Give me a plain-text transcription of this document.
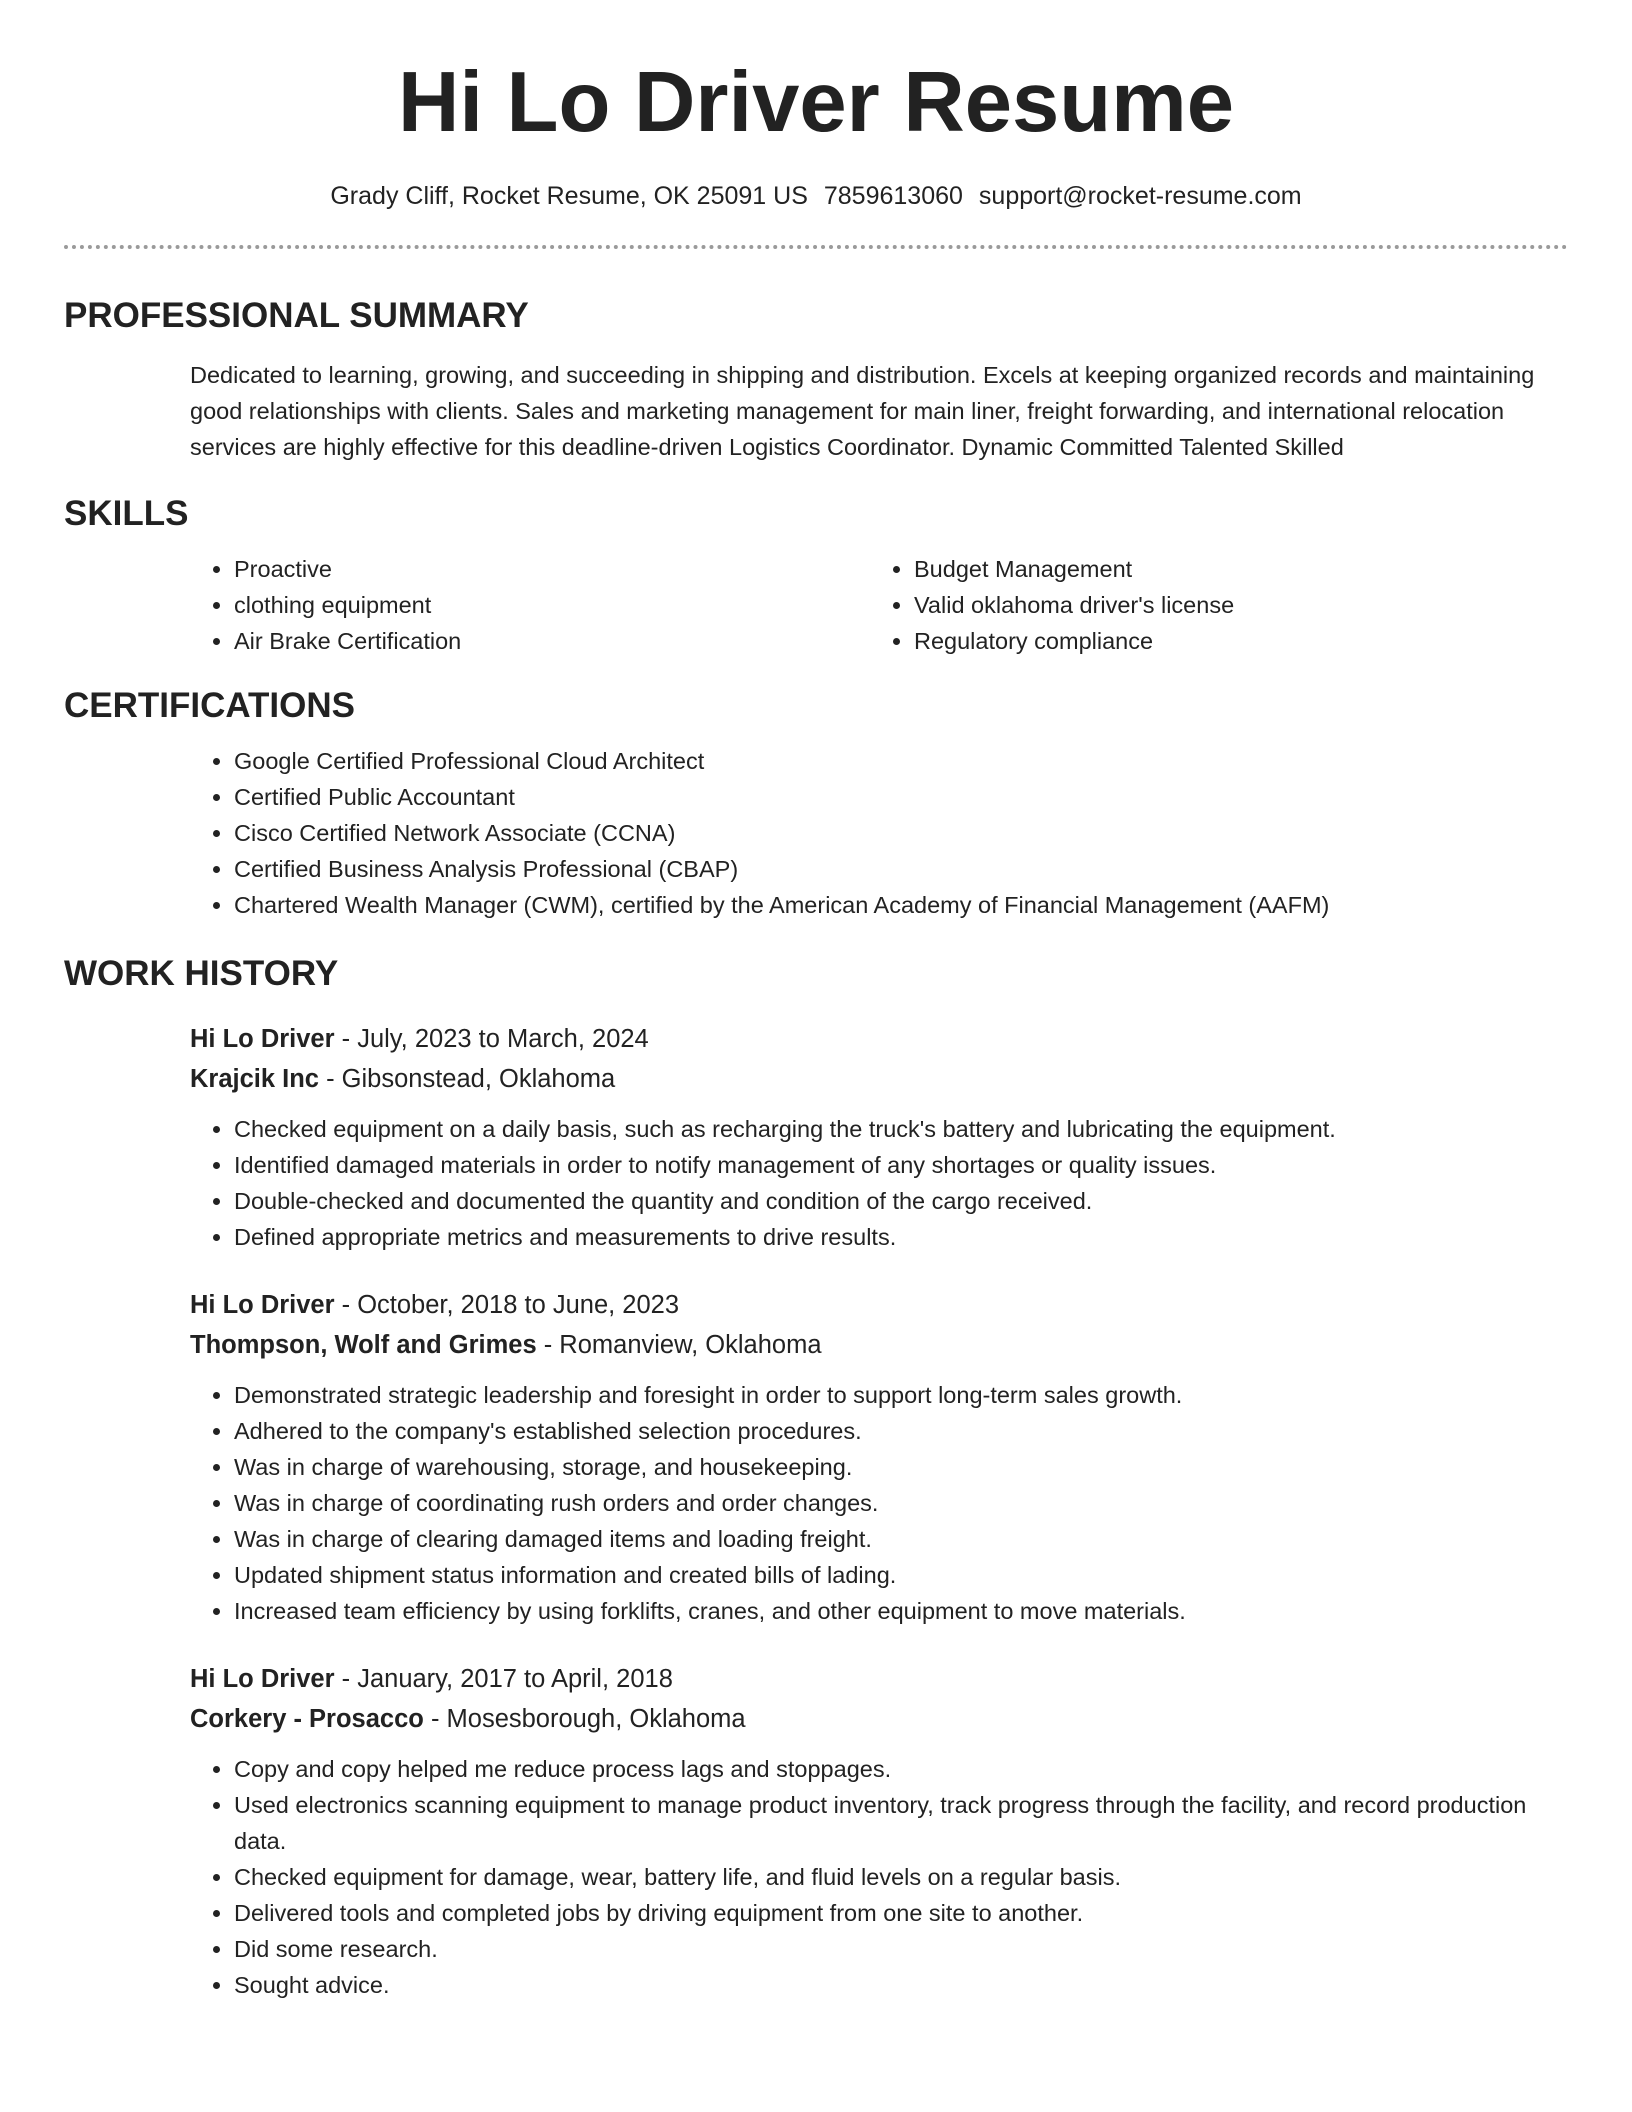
Hi Lo Driver Resume
Grady Cliff, Rocket Resume, OK 25091 US 7859613060 support@rocket-resume.com
PROFESSIONAL SUMMARY

Dedicated to learning, growing, and succeeding in shipping and distribution. Excels at keeping organized records and maintaining good relationships with clients. Sales and marketing management for main liner, freight forwarding, and international relocation services are highly effective for this deadline-driven Logistics Coordinator. Dynamic Committed Talented Skilled

SKILLS
• Proactive
• clothing equipment
• Air Brake Certification
• Budget Management
• Valid oklahoma driver's license
• Regulatory compliance
CERTIFICATIONS
• Google Certified Professional Cloud Architect
• Certified Public Accountant
• Cisco Certified Network Associate (CCNA)
• Certified Business Analysis Professional (CBAP)
• Chartered Wealth Manager (CWM), certified by the American Academy of Financial Management (AAFM)
WORK HISTORY
Hi Lo Driver - July, 2023 to March, 2024
Krajcik Inc - Gibsonstead, Oklahoma
• Checked equipment on a daily basis, such as recharging the truck's battery and lubricating the equipment.
• Identified damaged materials in order to notify management of any shortages or quality issues.
• Double-checked and documented the quantity and condition of the cargo received.
• Defined appropriate metrics and measurements to drive results.
Hi Lo Driver - October, 2018 to June, 2023
Thompson, Wolf and Grimes - Romanview, Oklahoma
• Demonstrated strategic leadership and foresight in order to support long-term sales growth.
• Adhered to the company's established selection procedures.
• Was in charge of warehousing, storage, and housekeeping.
• Was in charge of coordinating rush orders and order changes.
• Was in charge of clearing damaged items and loading freight.
• Updated shipment status information and created bills of lading.
• Increased team efficiency by using forklifts, cranes, and other equipment to move materials.
Hi Lo Driver - January, 2017 to April, 2018
Corkery - Prosacco - Mosesborough, Oklahoma
• Copy and copy helped me reduce process lags and stoppages.
• Used electronics scanning equipment to manage product inventory, track progress through the facility, and record production data.
• Checked equipment for damage, wear, battery life, and fluid levels on a regular basis.
• Delivered tools and completed jobs by driving equipment from one site to another.
• Did some research.
• Sought advice.
